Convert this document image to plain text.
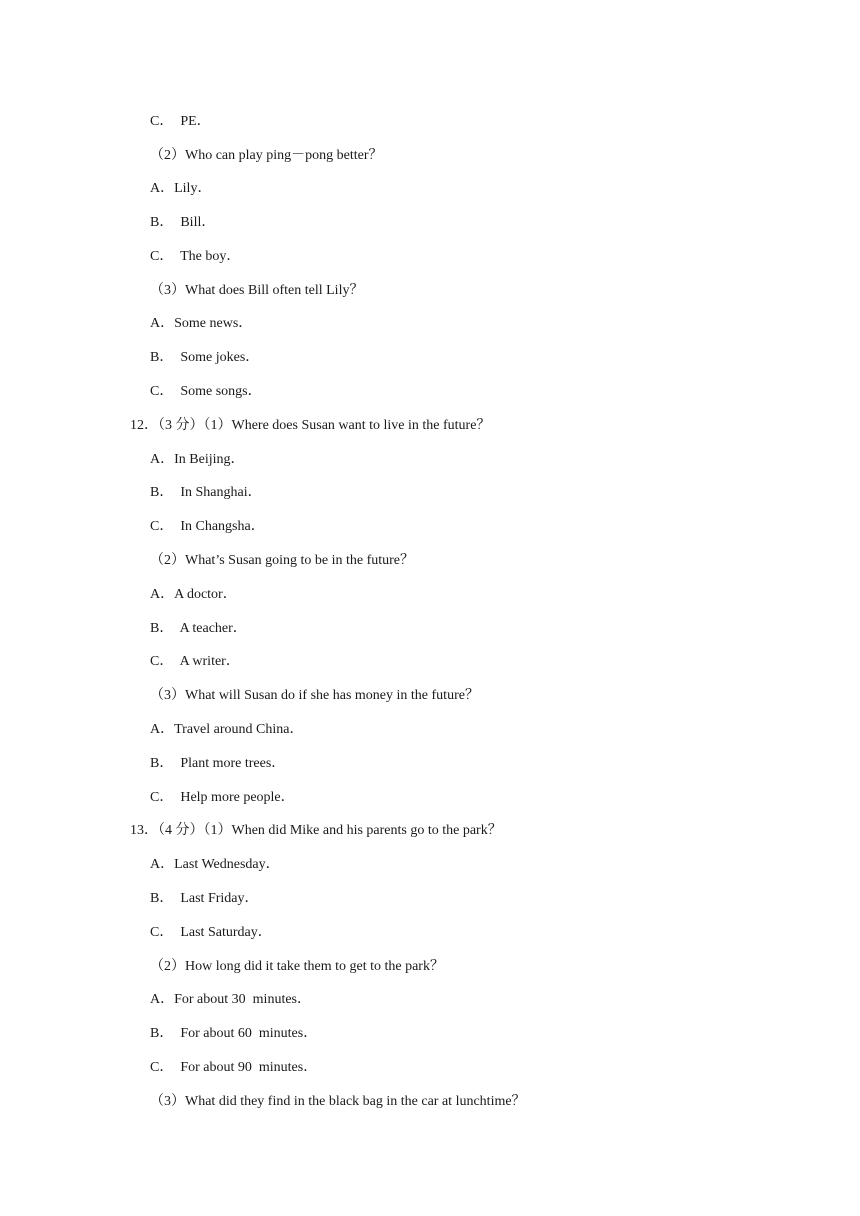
C．  PE．
（2）Who can play ping－pong better？
A．Lily．
B．  Bill．
C．  The boy．
（3）What does Bill often tell Lily？
A．Some news．
B．  Some jokes．
C．  Some songs．
12．（3 分）（1）Where does Susan want to live in the future？
A．In Beijing．
B．  In Shanghai．
C．  In Changsha．
（2）What’s Susan going to be in the future？
A．A doctor．
B．  A teacher．
C．  A writer．
（3）What will Susan do if she has money in the future？
A．Travel around China．
B．  Plant more trees．
C．  Help more people．
13．（4 分）（1）When did Mike and his parents go to the park？
A．Last Wednesday．
B．  Last Friday．
C．  Last Saturday．
（2）How long did it take them to get to the park？
A．For about 30  minutes．
B．  For about 60  minutes．
C．  For about 90  minutes．
（3）What did they find in the black bag in the car at lunchtime？
